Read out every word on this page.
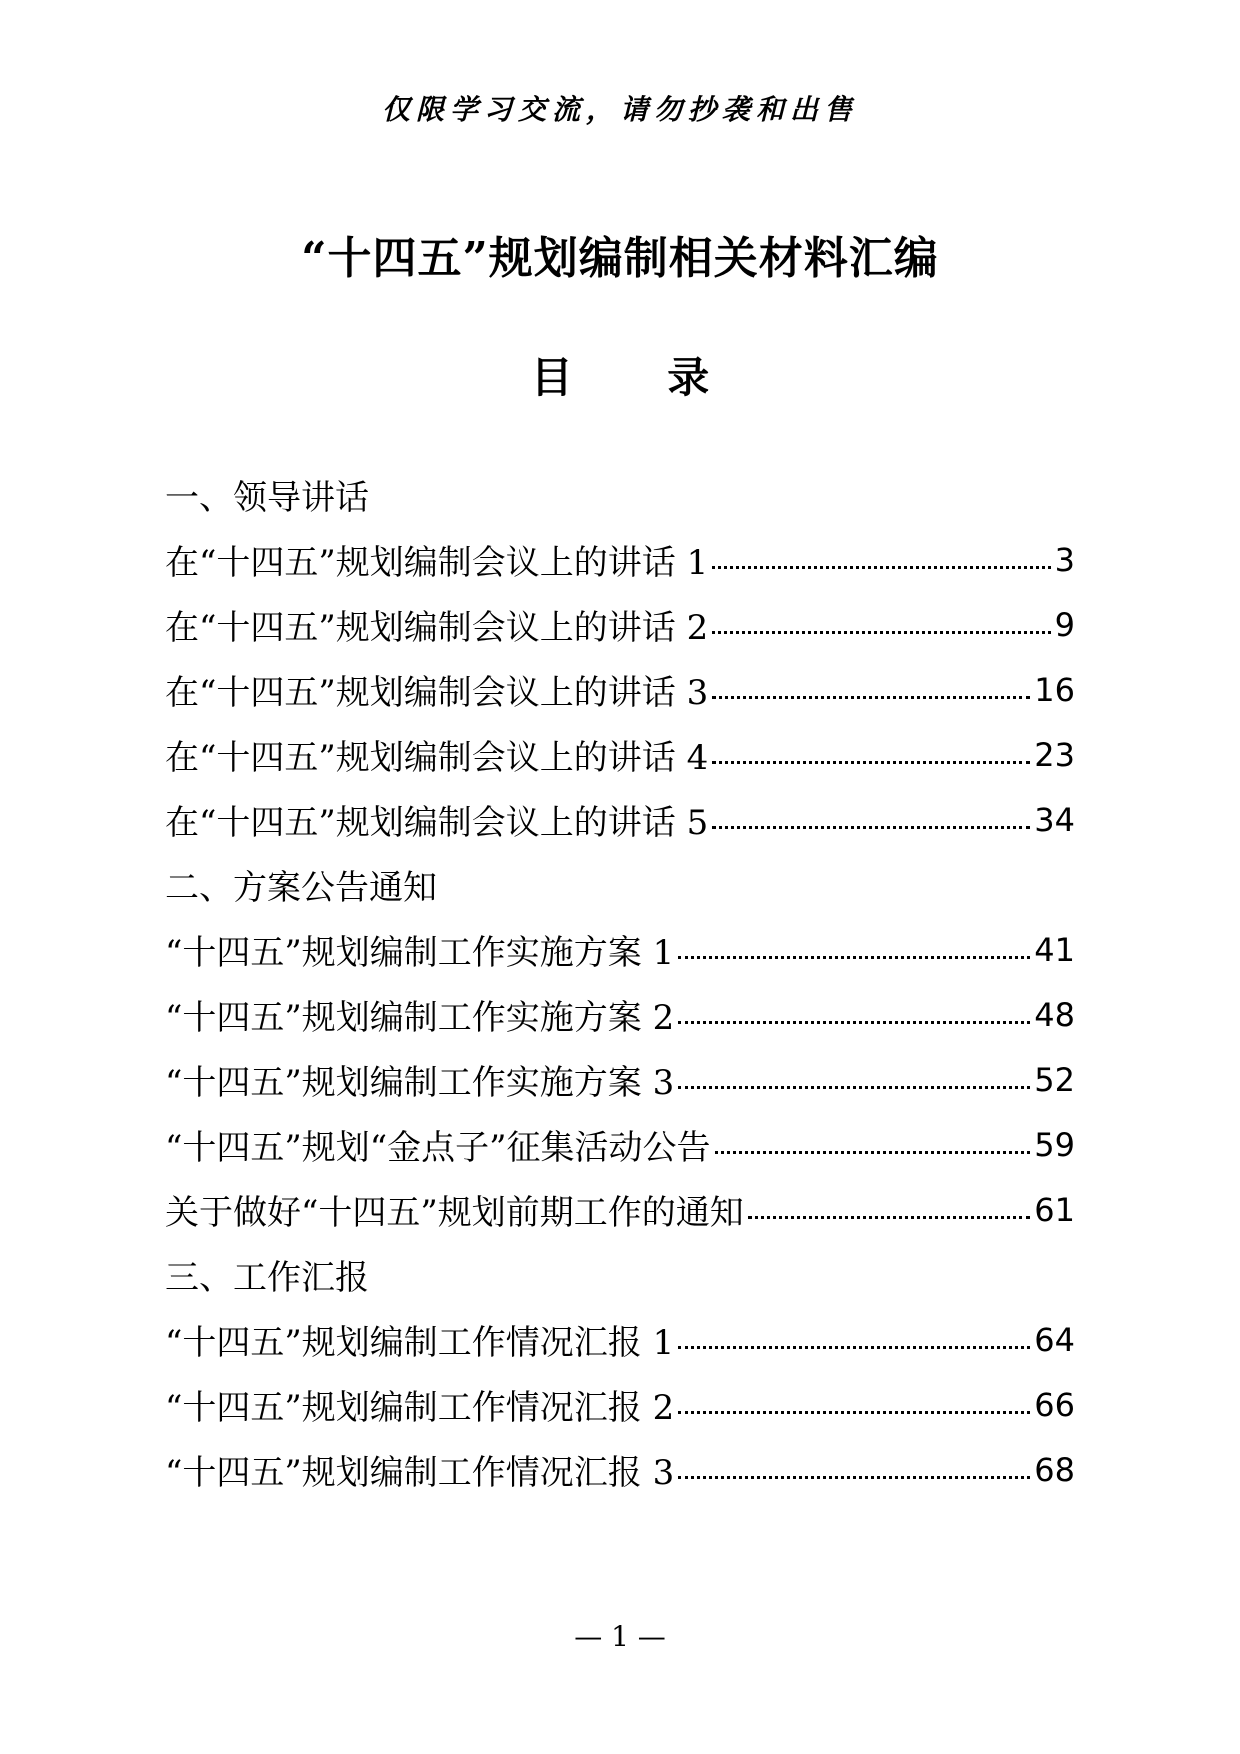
仅限学习交流，请勿抄袭和出售
“十四五”规划编制相关材料汇编
目 录
一、领导讲话
在“十四五”规划编制会议上的讲话 1	3
在“十四五”规划编制会议上的讲话 2	9
在“十四五”规划编制会议上的讲话 3	16
在“十四五”规划编制会议上的讲话 4	23
在“十四五”规划编制会议上的讲话 5	34
二、方案公告通知
“十四五”规划编制工作实施方案 1	41
“十四五”规划编制工作实施方案 2	48
“十四五”规划编制工作实施方案 3	52
“十四五”规划“金点子”征集活动公告	59
关于做好“十四五”规划前期工作的通知	61
三、工作汇报
“十四五”规划编制工作情况汇报 1	64
“十四五”规划编制工作情况汇报 2	66
“十四五”规划编制工作情况汇报 3	68
— 1 —
